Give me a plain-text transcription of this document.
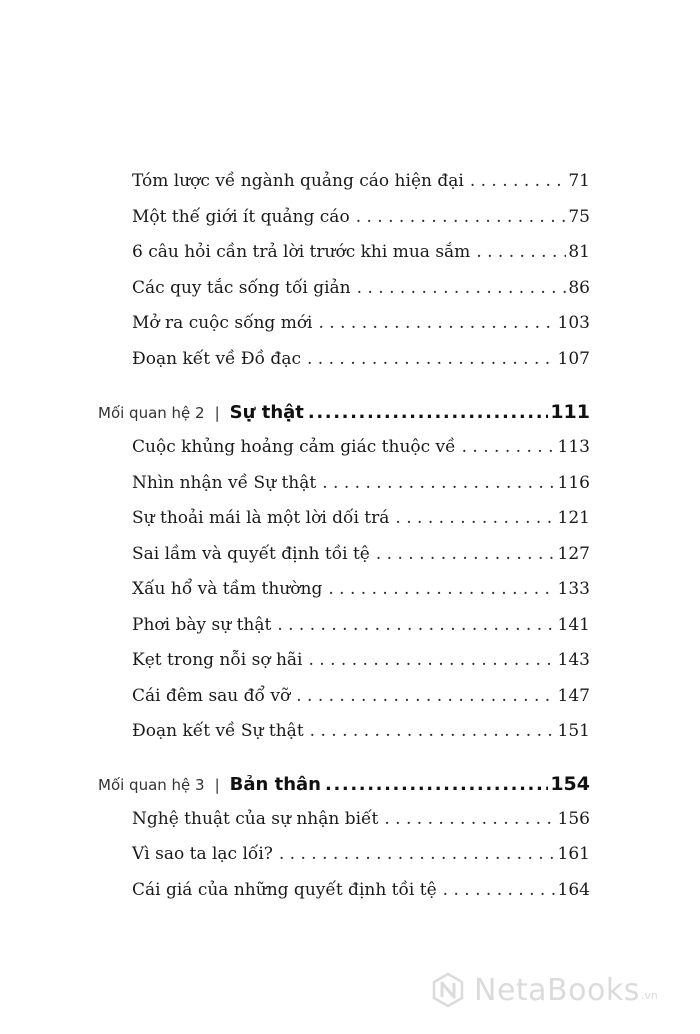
Tóm lược về ngành quảng cáo hiện đại . . .	71
Một thế giới ít quảng cáo . . .	75
6 câu hỏi cần trả lời trước khi mua sắm . . .	81
Các quy tắc sống tối giản . . .	86
Mở ra cuộc sống mới . . .	103
Đoạn kết về Đồ đạc . . .	107
Mối quan hệ 2 | Sự thật .....	111
Cuộc khủng hoảng cảm giác thuộc về . . .	113
Nhìn nhận về Sự thật . . .	116
Sự thoải mái là một lời dối trá . . .	121
Sai lầm và quyết định tồi tệ . . .	127
Xấu hổ và tầm thường . . .	133
Phơi bày sự thật . . .	141
Kẹt trong nỗi sợ hãi . . .	143
Cái đêm sau đổ vỡ . . .	147
Đoạn kết về Sự thật . . .	151
Mối quan hệ 3 | Bản thân .....	154
Nghệ thuật của sự nhận biết . . .	156
Vì sao ta lạc lối? . . .	161
Cái giá của những quyết định tồi tệ . . .	164
NetaBooks .vn
